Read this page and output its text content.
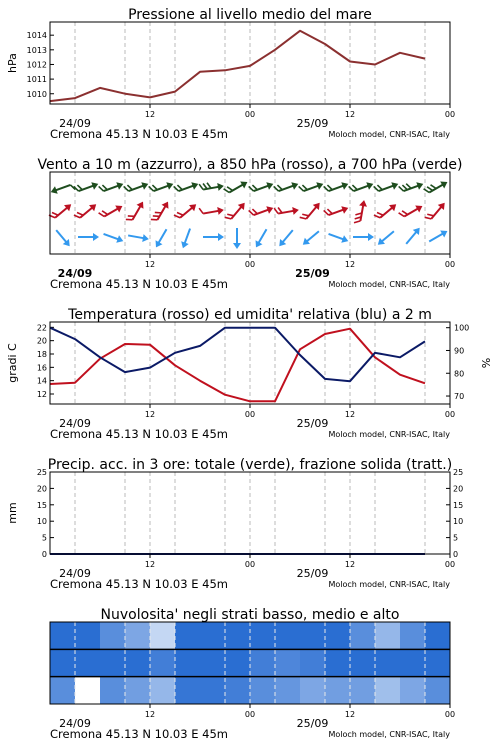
1010
1011
1012
1013
1014
Pressione al livello medio del mare
12	00	12	00
24/09	25/09
Cremona 45.13 N 10.03 E 45m	Moloch model, CNR-ISAC, Italy
hPa
Vento a 10 m (azzurro), a 850 hPa (rosso), a 700 hPa (verde)
12	00	12	00
24/09	25/09
Cremona 45.13 N 10.03 E 45m	Moloch model, CNR-ISAC, Italy
12
14
16
18
20
22
70
80
90
100
Temperatura (rosso) ed umidita' relativa (blu) a 2 m
12	00	12	00
24/09	25/09
Cremona 45.13 N 10.03 E 45m	Moloch model, CNR-ISAC, Italy
gradi C	%
0
5
10
15
20
25
0
5
10
15
20
25
Precip. acc. in 3 ore: totale (verde), frazione solida (tratt.)
12	00	12	00
24/09	25/09
Cremona 45.13 N 10.03 E 45m	Moloch model, CNR-ISAC, Italy
mm
Nuvolosita' negli strati basso, medio e alto
12	00	12	00
24/09	25/09
Cremona 45.13 N 10.03 E 45m	Moloch model, CNR-ISAC, Italy
